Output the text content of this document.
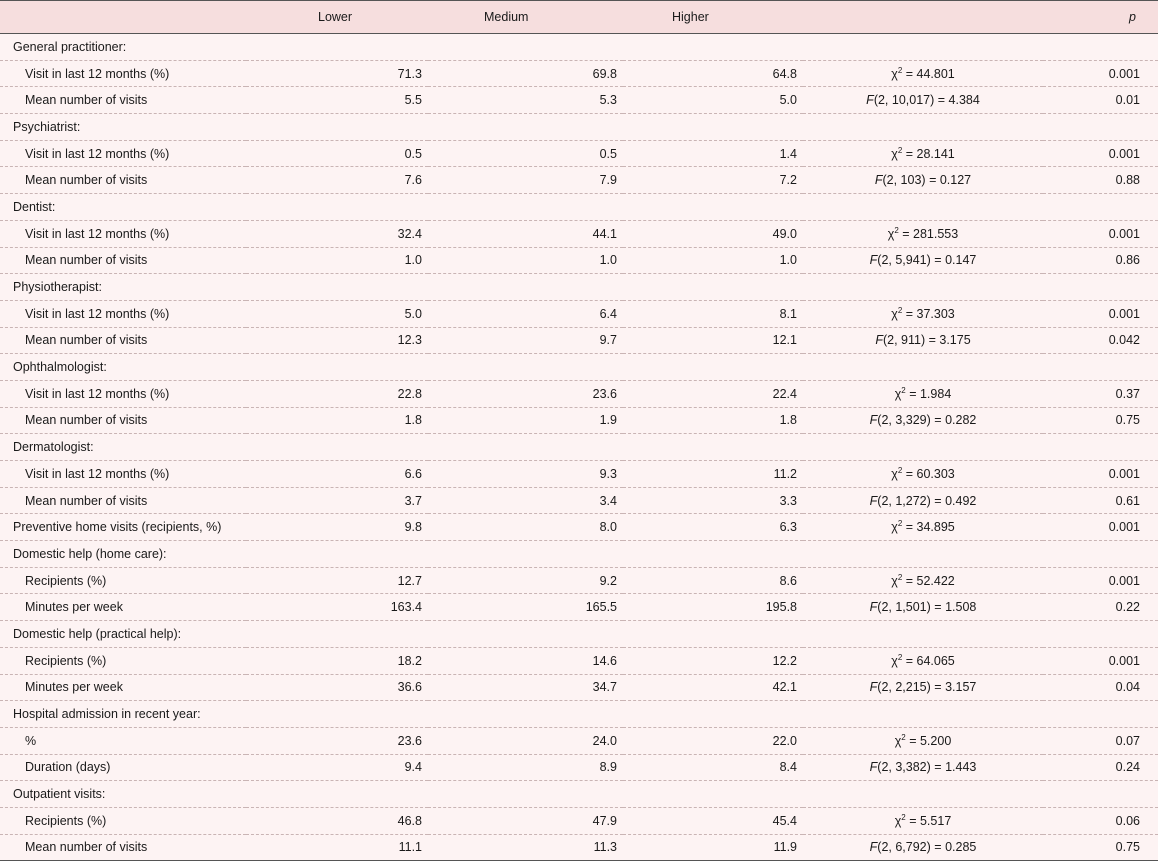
	Lower	Medium	Higher		p
General practitioner:					
Visit in last 12 months (%)	71.3	69.8	64.8	$\chi^2 = 44.801$	0.001
Mean number of visits	5.5	5.3	5.0	F(2, 10,017) = 4.384	0.01
Psychiatrist:					
Visit in last 12 months (%)	0.5	0.5	1.4	$\chi^2 = 28.141$	0.001
Mean number of visits	7.6	7.9	7.2	F(2, 103) = 0.127	0.88
Dentist:					
Visit in last 12 months (%)	32.4	44.1	49.0	$\chi^2 = 281.553$	0.001
Mean number of visits	1.0	1.0	1.0	F(2, 5,941) = 0.147	0.86
Physiotherapist:					
Visit in last 12 months (%)	5.0	6.4	8.1	$\chi^2 = 37.303$	0.001
Mean number of visits	12.3	9.7	12.1	F(2, 911) = 3.175	0.042
Ophthalmologist:					
Visit in last 12 months (%)	22.8	23.6	22.4	$\chi^2 = 1.984$	0.37
Mean number of visits	1.8	1.9	1.8	F(2, 3,329) = 0.282	0.75
Dermatologist:					
Visit in last 12 months (%)	6.6	9.3	11.2	$\chi^2 = 60.303$	0.001
Mean number of visits	3.7	3.4	3.3	F(2, 1,272) = 0.492	0.61
Preventive home visits (recipients, %)	9.8	8.0	6.3	$\chi^2 = 34.895$	0.001
Domestic help (home care):					
Recipients (%)	12.7	9.2	8.6	$\chi^2 = 52.422$	0.001
Minutes per week	163.4	165.5	195.8	F(2, 1,501) = 1.508	0.22
Domestic help (practical help):					
Recipients (%)	18.2	14.6	12.2	$\chi^2 = 64.065$	0.001
Minutes per week	36.6	34.7	42.1	F(2, 2,215) = 3.157	0.04
Hospital admission in recent year:					
%	23.6	24.0	22.0	$\chi^2 = 5.200$	0.07
Duration (days)	9.4	8.9	8.4	F(2, 3,382) = 1.443	0.24
Outpatient visits:					
Recipients (%)	46.8	47.9	45.4	$\chi^2 = 5.517$	0.06
Mean number of visits	11.1	11.3	11.9	F(2, 6,792) = 0.285	0.75
